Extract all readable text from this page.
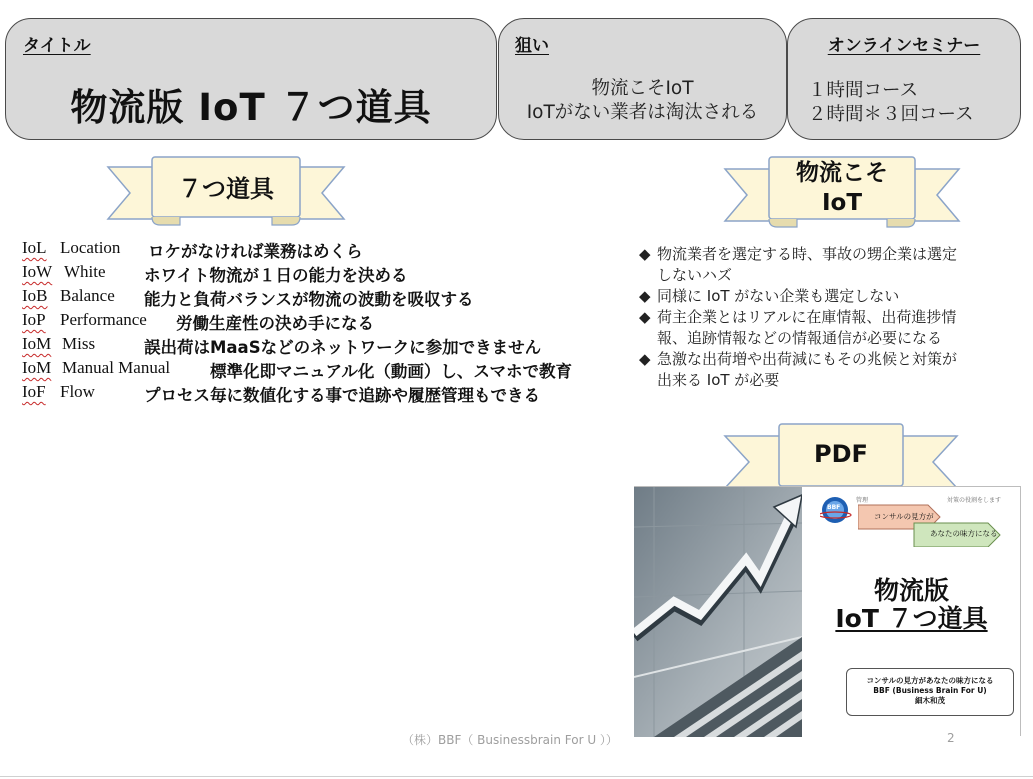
タイトル
物流版 IoT ７つ道具
狙い
物流こそIoT
IoTがない業者は淘汰される
オンラインセミナー
１時間コース
２時間＊３回コース
７つ道具
物流こそ
IoT
PDF
IoL Location ロケがなければ業務はめくら
IoW White ホワイト物流が１日の能力を決める
IoB Balance 能力と負荷バランスが物流の波動を吸収する
IoP Performance 労働生産性の決め手になる
IoM Miss	誤出荷はMaaSなどのネットワークに参加できません
IoM Manual Manual 標準化即マニュアル化（動画）し、スマホで教育
IoF Flow	プロセス毎に数値化する事で追跡や履歴管理もできる
◆ 物流業者を選定する時、事故の甥企業は選定
しないハズ
◆ 同様に IoT がない企業も選定しない
◆ 荷主企業とはリアルに在庫情報、出荷進捗情
報、追跡情報などの情報通信が必要になる
◆ 急激な出荷増や出荷減にもその兆候と対策が
出来る IoT が必要
管理	対策の役割をします
BBF
コンサルの見方が
あなたの味方になる
物流版
IoT ７つ道具
コンサルの見方があなたの味方になる
BBF (Business Brain For U)
細木和茂
（株）BBF（ Businessbrain For U ））	2
